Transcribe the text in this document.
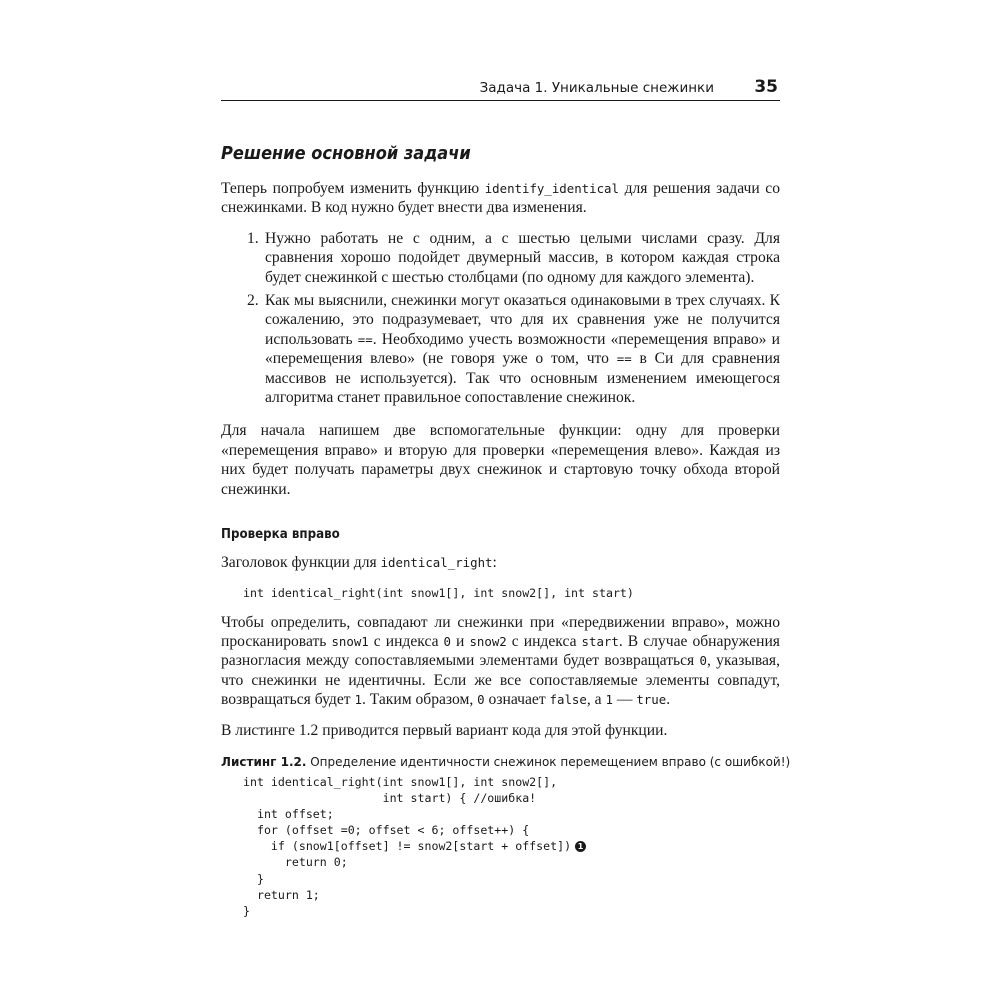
Задача 1. Уникальные снежинки 35
Решение основной задачи

Теперь попробуем изменить функцию identify_identical для решения задачи со снежинками. В код нужно будет внести два изменения.

1. Нужно работать не с одним, а с шестью целыми числами сразу. Для сравнения хорошо подойдет двумерный массив, в котором каждая строка будет снежинкой с шестью столбцами (по одному для каждого элемента).
2. Как мы выяснили, снежинки могут оказаться одинаковыми в трех случаях. К сожалению, это подразумевает, что для их сравнения уже не получится использовать ==. Необходимо учесть возможности «перемещения вправо» и «перемещения влево» (не говоря уже о том, что == в Си для сравнения массивов не используется). Так что основным изменением имеющегося алгоритма станет правильное сопоставление снежинок.

Для начала напишем две вспомогательные функции: одну для проверки «перемещения вправо» и вторую для проверки «перемещения влево». Каждая из них будет получать параметры двух снежинок и стартовую точку обхода второй снежинки.

Проверка вправо

Заголовок функции для identical_right:

int identical_right(int snow1[], int snow2[], int start)

Чтобы определить, совпадают ли снежинки при «передвижении вправо», можно просканировать snow1 с индекса 0 и snow2 с индекса start. В случае обнаружения разногласия между сопоставляемыми элементами будет возвращаться 0, указывая, что снежинки не идентичны. Если же все сопоставляемые элементы совпадут, возвращаться будет 1. Таким образом, 0 означает false, а 1 — true.

В листинге 1.2 приводится первый вариант кода для этой функции.

Листинг 1.2. Определение идентичности снежинок перемещением вправо (с ошибкой!)
int identical_right(int snow1[], int snow2[],
int start) { //ошибка!
int offset;
for (offset =0; offset < 6; offset++) {
if (snow1[offset] != snow2[start + offset]) 1
return 0;
}
return 1;
}
